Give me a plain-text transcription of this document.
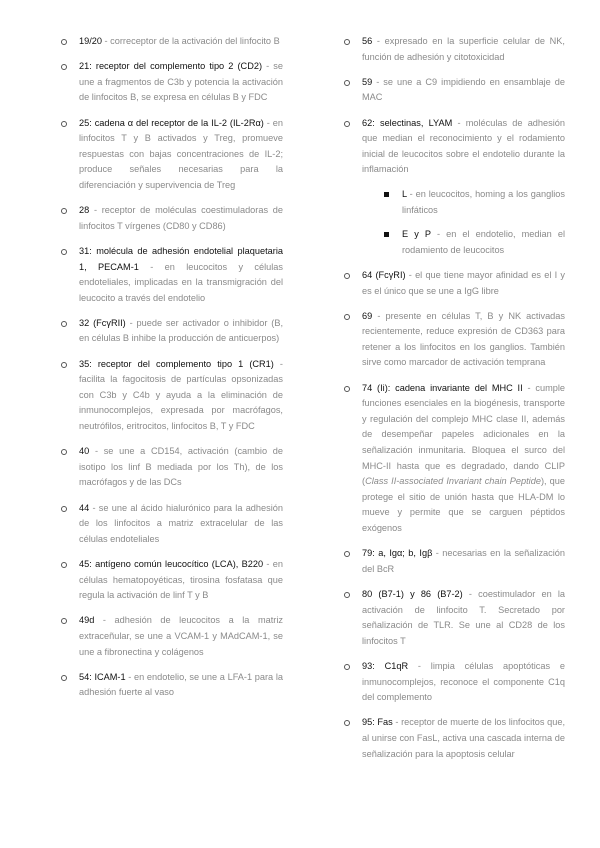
19/20 - correceptor de la activación del linfocito B
21: receptor del complemento tipo 2 (CD2) - se une a fragmentos de C3b y potencia la activación de linfocitos B, se expresa en células B y FDC
25: cadena α del receptor de la IL-2 (IL-2Rα) - en linfocitos T y B activados y Treg, promueve respuestas con bajas concentraciones de IL-2; produce señales necesarias para la diferenciación y supervivencia de Treg
28 - receptor de moléculas coestimuladoras de linfocitos T vírgenes (CD80 y CD86)
31: molécula de adhesión endotelial plaquetaria 1, PECAM-1 - en leucocitos y células endoteliales, implicadas en la transmigración del leucocito a través del endotelio
32 (FcγRII) - puede ser activador o inhibidor (B, en células B inhibe la producción de anticuerpos)
35: receptor del complemento tipo 1 (CR1) - facilita la fagocitosis de partículas opsonizadas con C3b y C4b y ayuda a la eliminación de inmunocomplejos, expresada por macrófagos, neutrófilos, eritrocitos, linfocitos B, T y FDC
40 - se une a CD154, activación (cambio de isotipo los linf B mediada por los Th), de los macrófagos y de las DCs
44 - se une al ácido hialurónico para la adhesión de los linfocitos a matriz extracelular de las células endoteliales
45: antígeno común leucocítico (LCA), B220 - en células hematopoyéticas, tirosina fosfatasa que regula la activación de linf T y B
49d - adhesión de leucocitos a la matriz extraceñular, se une a VCAM-1 y MAdCAM-1, se une a fibronectina y colágenos
54: ICAM-1 - en endotelio, se une a LFA-1 para la adhesión fuerte al vaso
56 - expresado en la superficie celular de NK, función de adhesión y citotoxicidad
59 - se une a C9 impidiendo en ensamblaje de MAC
62: selectinas, LYAM - moléculas de adhesión que median el reconocimiento y el rodamiento inicial de leucocitos sobre el endotelio durante la inflamación
L - en leucocitos, homing a los ganglios linfáticos
E y P - en el endotelio, median el rodamiento de leucocitos
64 (FcγRI) - el que tiene mayor afinidad es el I y es el único que se une a IgG libre
69 - presente en células T, B y NK activadas recientemente, reduce expresión de CD363 para retener a los linfocitos en los ganglios. También sirve como marcador de activación temprana
74 (Ii): cadena invariante del MHC II - cumple funciones esenciales en la biogénesis, transporte y regulación del complejo MHC clase II, además de desempeñar papeles adicionales en la señalización inmunitaria. Bloquea el surco del MHC-II hasta que es degradado, dando CLIP (Class II-associated Invariant chain Peptide), que protege el sitio de unión hasta que HLA-DM lo mueve y permite que se carguen péptidos exógenos
79: a, Igα; b, Igβ - necesarias en la señalización del BcR
80 (B7-1) y 86 (B7-2) - coestimulador en la activación de linfocito T. Secretado por señalización de TLR. Se une al CD28 de los linfocitos T
93: C1qR - limpia células apoptóticas e inmunocomplejos, reconoce el componente C1q del complemento
95: Fas - receptor de muerte de los linfocitos que, al unirse con FasL, activa una cascada interna de señalización para la apoptosis celular
